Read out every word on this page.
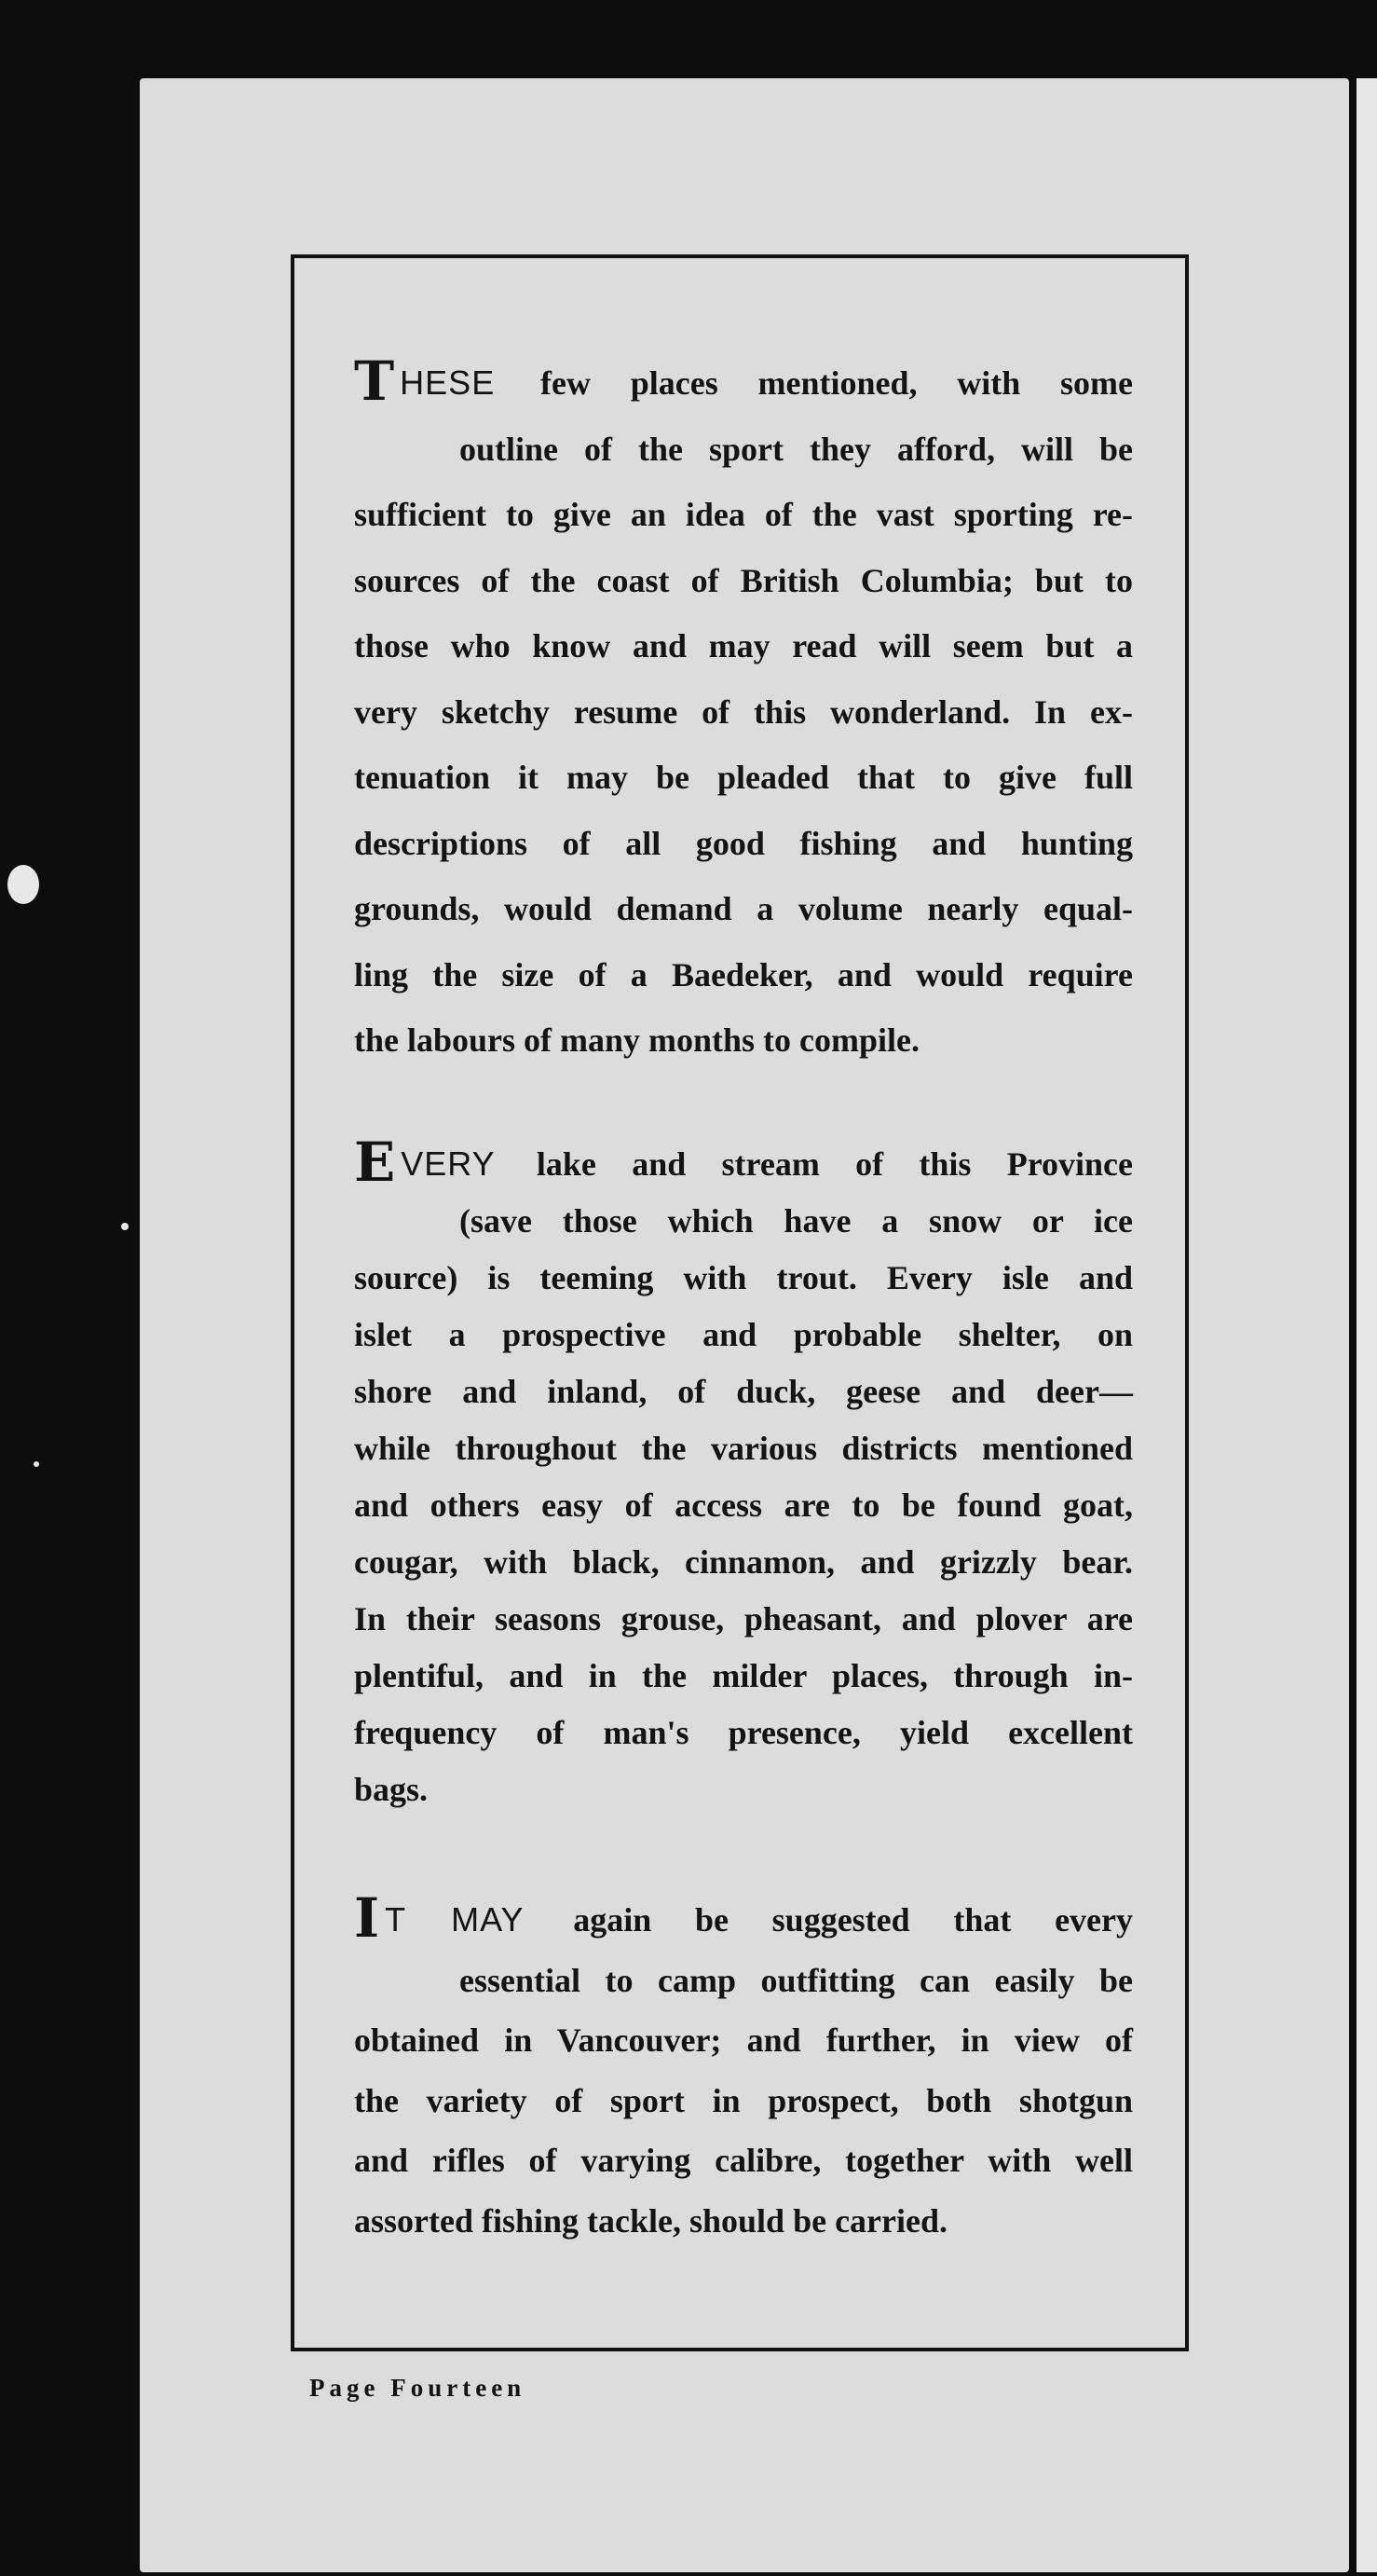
THESE few places mentioned, with some
outline of the sport they afford, will be
sufficient to give an idea of the vast sporting re-
sources of the coast of British Columbia; but to
those who know and may read will seem but a
very sketchy resume of this wonderland. In ex-
tenuation it may be pleaded that to give full
descriptions of all good fishing and hunting
grounds, would demand a volume nearly equal-
ling the size of a Baedeker, and would require
the labours of many months to compile.
EVERY lake and stream of this Province
(save those which have a snow or ice
source) is teeming with trout. Every isle and
islet a prospective and probable shelter, on
shore and inland, of duck, geese and deer—
while throughout the various districts mentioned
and others easy of access are to be found goat,
cougar, with black, cinnamon, and grizzly bear.
In their seasons grouse, pheasant, and plover are
plentiful, and in the milder places, through in-
frequency of man's presence, yield excellent
bags.
I T MAY again be suggested that every
essential to camp outfitting can easily be
obtained in Vancouver; and further, in view of
the variety of sport in prospect, both shotgun
and rifles of varying calibre, together with well
assorted fishing tackle, should be carried.

Page Fourteen
